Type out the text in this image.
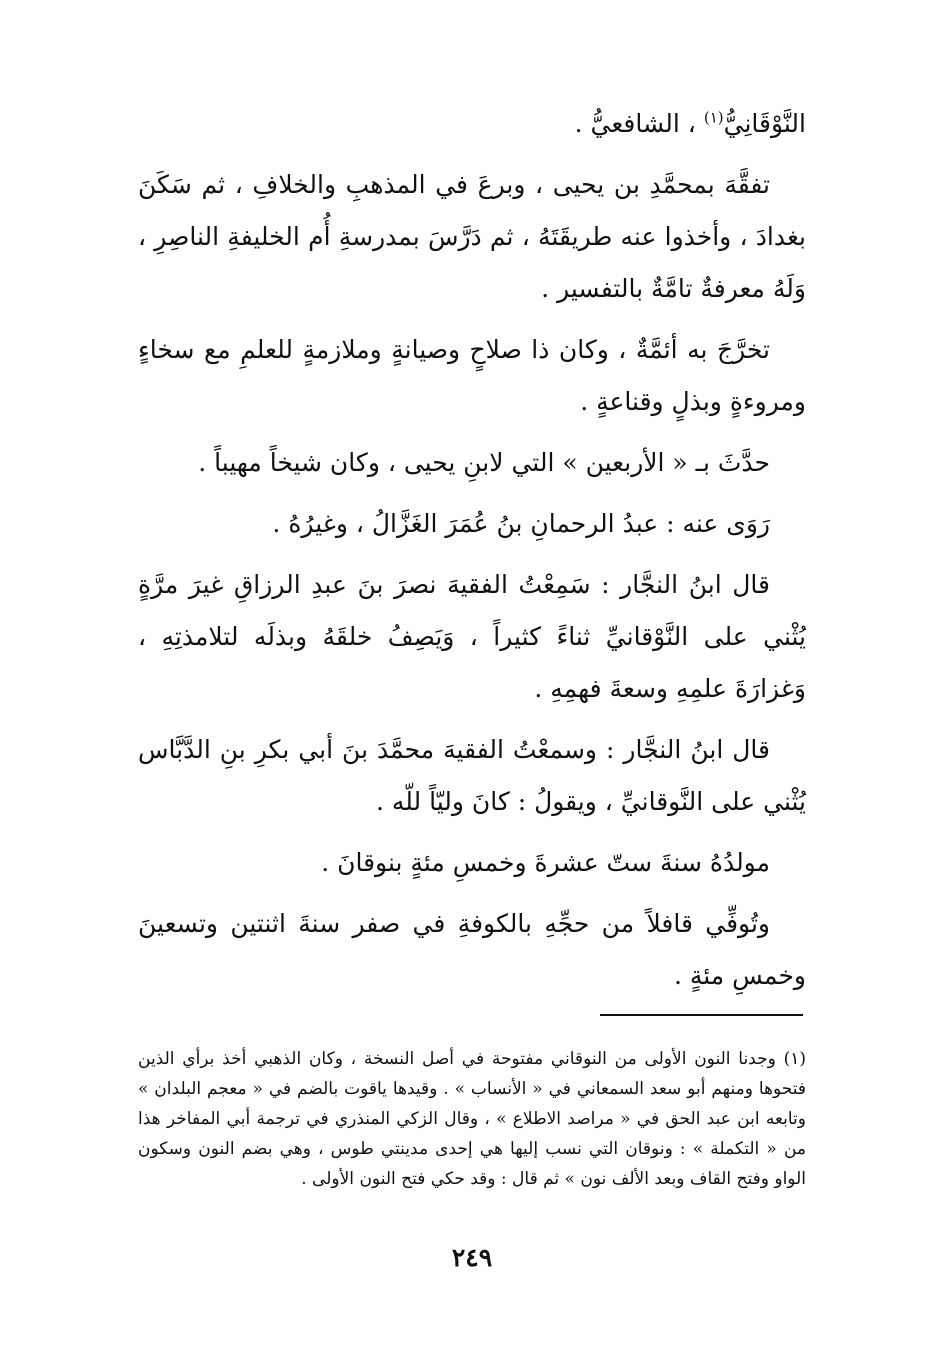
النَّوْقَانِيُّ$^{(١)}$ ، الشافعيُّ .

تفقَّهَ بمحمَّدِ بن يحيى ، وبرعَ في المذهبِ والخلافِ ، ثم سَكَنَ بغدادَ ، وأخذوا عنه طريقَتَهُ ، ثم دَرَّسَ بمدرسةِ أُم الخليفةِ الناصِرِ ، وَلَهُ معرفةٌ تامَّةٌ بالتفسير .

تخرَّجَ به أئمَّةٌ ، وكان ذا صلاحٍ وصيانةٍ وملازمةٍ للعلمِ مع سخاءٍ ومروءةٍ وبذلٍ وقناعةٍ .

حدَّثَ بـ « الأربعين » التي لابنِ يحيى ، وكان شيخاً مهيباً .

رَوَى عنه : عبدُ الرحمانِ بنُ عُمَرَ الغَزَّالُ ، وغيرُهُ .

قال ابنُ النجَّار : سَمِعْتُ الفقيهَ نصرَ بنَ عبدِ الرزاقِ غيرَ مرَّةٍ يُثْني على النَّوْقانيِّ ثناءً كثيراً ، وَيَصِفُ خلقَهُ وبذلَه لتلامذتِهِ ، وَغزارَةَ علمِهِ وسعةَ فهمِهِ .

قال ابنُ النجَّار : وسمعْتُ الفقيهَ محمَّدَ بنَ أبي بكرِ بنِ الدَّبَّاس يُثْني على النَّوقانيِّ ، ويقولُ : كانَ وليّاً للّه .

مولدُهُ سنةَ ستّ عشرةَ وخمسِ مئةٍ بنوقانَ .

وتُوفِّي قافلاً من حجِّهِ بالكوفةِ في صفر سنةَ اثنتين وتسعينَ وخمسِ مئةٍ .

(١) وجدنا النون الأولى من النوقاني مفتوحة في أصل النسخة ، وكان الذهبي أخذ برأي الذين فتحوها ومنهم أبو سعد السمعاني في « الأنساب » . وقيدها ياقوت بالضم في « معجم البلدان » وتابعه ابن عبد الحق في « مراصد الاطلاع » ، وقال الزكي المنذري في ترجمة أبي المفاخر هذا من « التكملة » : ونوقان التي نسب إليها هي إحدى مدينتي طوس ، وهي بضم النون وسكون الواو وفتح القاف وبعد الألف نون » ثم قال : وقد حكي فتح النون الأولى .

٢٤٩
